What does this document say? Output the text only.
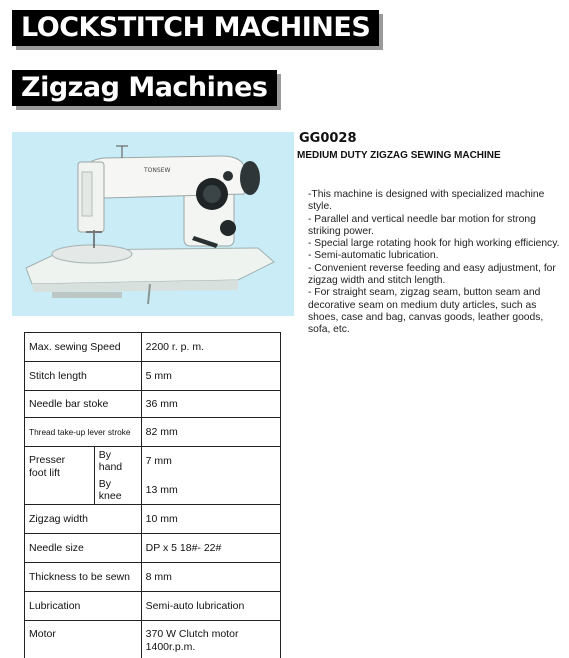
LOCKSTITCH MACHINES
Zigzag Machines
TONSEW
GG0028
MEDIUM DUTY ZIGZAG SEWING MACHINE

-This machine is designed with specialized machine style.

- Parallel and vertical needle bar motion for strong striking power.

- Special large rotating hook for high working efficiency.

- Semi-automatic lubrication.

- Convenient reverse feeding and easy adjustment, for zigzag width and stitch length.

- For straight seam, zigzag seam, button seam and decorative seam on medium duty articles, such as shoes, case and bag, canvas goods, leather goods, sofa, etc.

Max. sewing Speed		2200 r. p. m.
Stitch length		5 mm
Needle bar stoke		36 mm
Thread take-up lever stroke		82 mm
Presser
foot lift	By hand	7 mm
	By knee	13 mm
Zigzag width		10 mm
Needle size		DP x 5 18#- 22#
Thickness to be sewn		8 mm
Lubrication		Semi-auto lubrication
Motor		370 W Clutch motor
1400r.p.m.
